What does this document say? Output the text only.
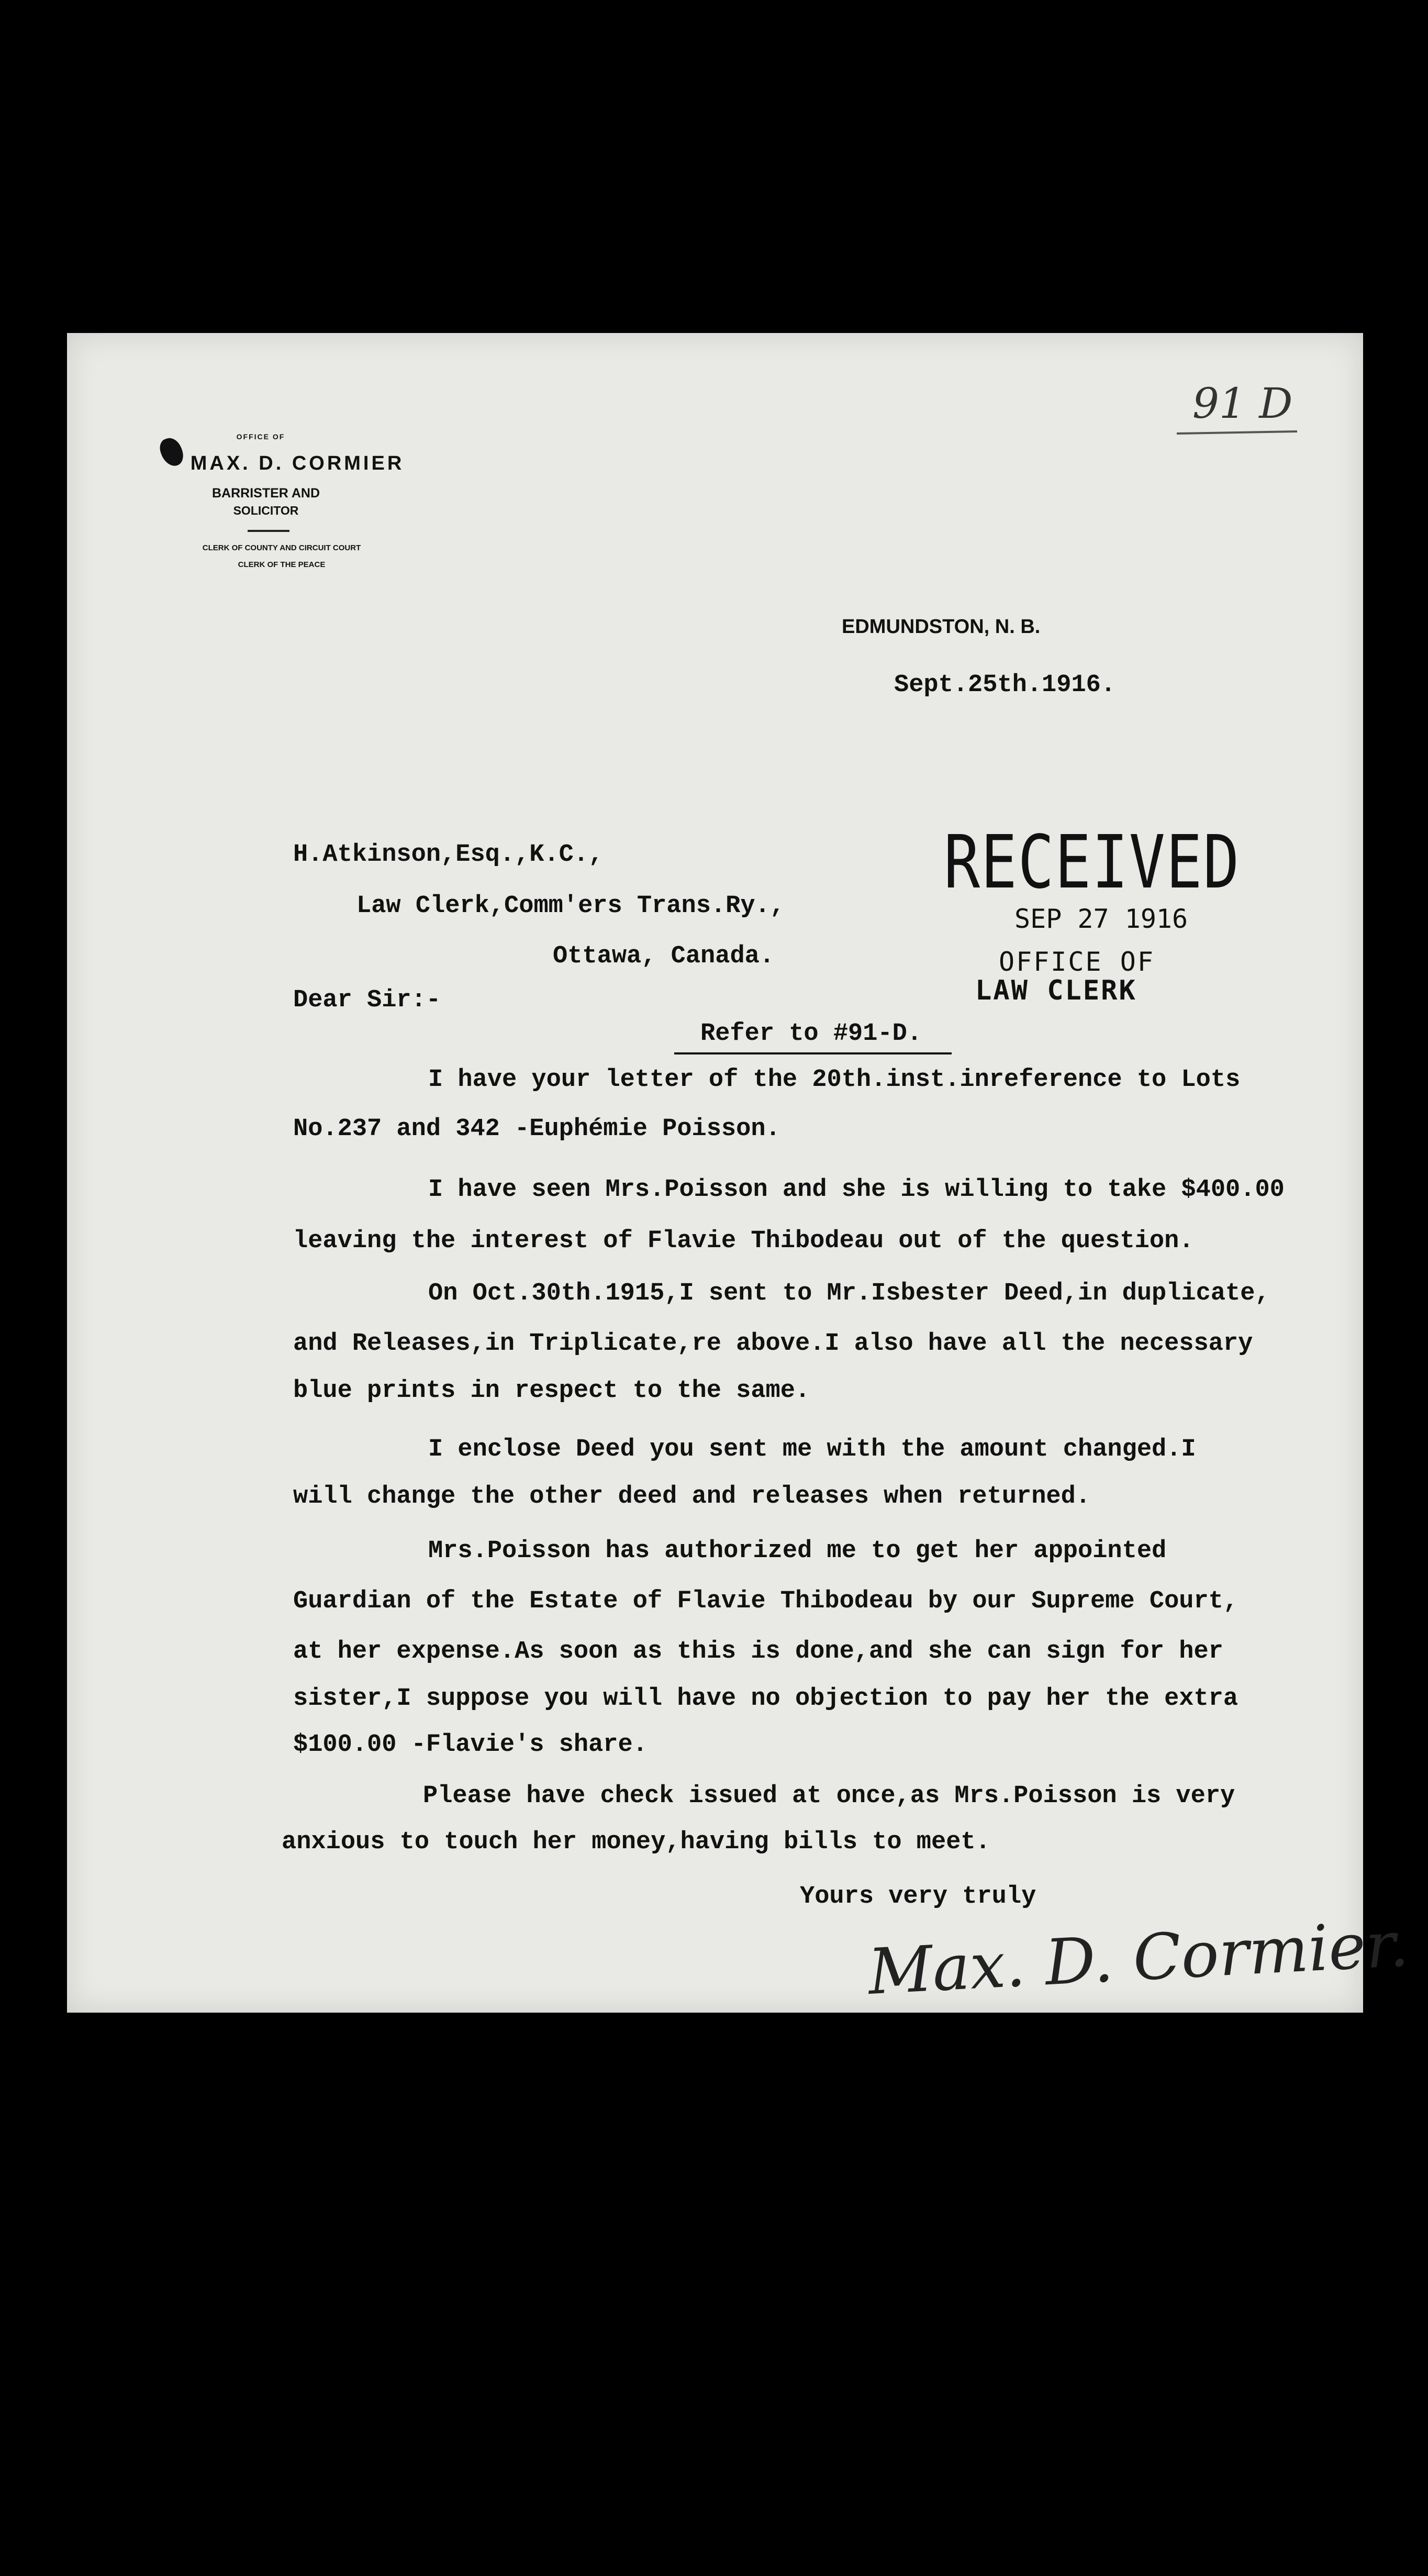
91 D
OFFICE OF
MAX. D. CORMIER
BARRISTER AND
SOLICITOR
CLERK OF COUNTY AND CIRCUIT COURT
CLERK OF THE PEACE
EDMUNDSTON, N. B.
Sept.25th.1916.
RECEIVED
SEP 27 1916
OFFICE OF
LAW CLERK
H.Atkinson,Esq.,K.C.,
Law Clerk,Comm'ers Trans.Ry.,
Ottawa, Canada.
Dear Sir:-
Refer to #91-D.
I have your letter of the 20th.inst.inreference to Lots
No.237 and 342 -Euphémie Poisson.
I have seen Mrs.Poisson and she is willing to take $400.00
leaving the interest of Flavie Thibodeau out of the question.
On Oct.30th.1915,I sent to Mr.Isbester Deed,in duplicate,
and Releases,in Triplicate,re above.I also have all the necessary
blue prints in respect to the same.
I enclose Deed you sent me with the amount changed.I
will change the other deed and releases when returned.
Mrs.Poisson has authorized me to get her appointed
Guardian of the Estate of Flavie Thibodeau by our Supreme Court,
at her expense.As soon as this is done,and she can sign for her
sister,I suppose you will have no objection to pay her the extra
$100.00 -Flavie's share.
Please have check issued at once,as Mrs.Poisson is very
anxious to touch her money,having bills to meet.
Yours very truly
Max. D. Cormier.
